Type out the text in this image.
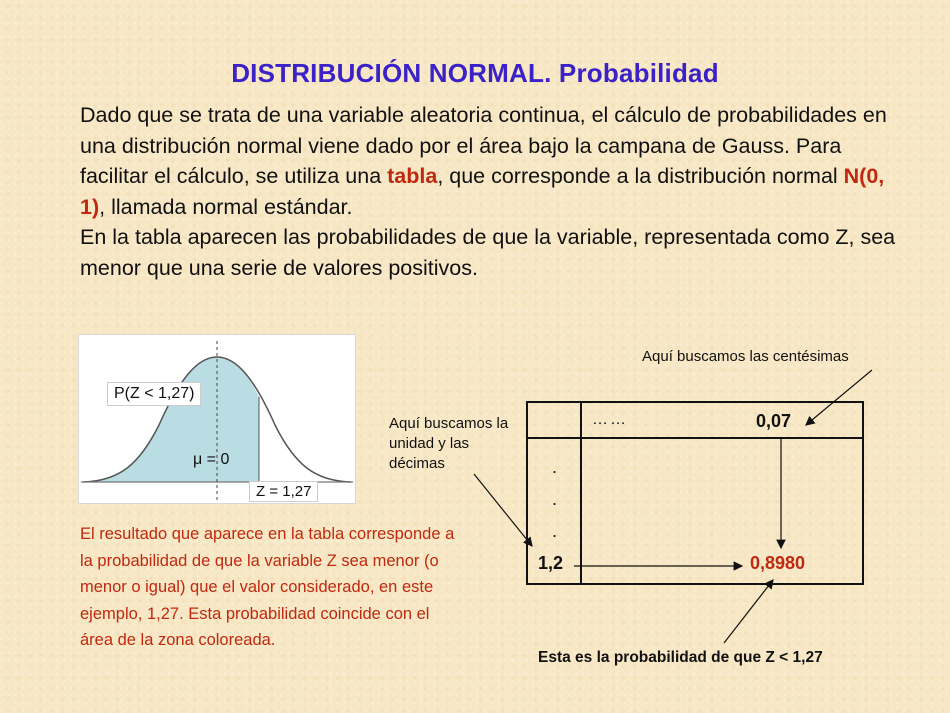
DISTRIBUCIÓN NORMAL. Probabilidad

Dado que se trata de una variable aleatoria continua, el cálculo de probabilidades en una distribución normal viene dado por el área bajo la campana de Gauss. Para facilitar el cálculo, se utiliza una tabla, que corresponde a la distribución normal N(0, 1), llamada normal estándar.

En la tabla aparecen las probabilidades de que la variable, representada como Z, sea menor que una serie de valores positivos.

P(Z < 1,27)
μ = 0
Z = 1,27

El resultado que aparece en la tabla corresponde a la probabilidad de que la variable Z sea menor (o menor o igual) que el valor considerado, en este ejemplo, 1,27. Esta probabilidad coincide con el área de la zona coloreada.

Aquí buscamos las centésimas
Aquí buscamos la unidad y las décimas
Esta es la probabilidad de que Z < 1,27
……	0,07
.
.
.
1,2	0,8980
